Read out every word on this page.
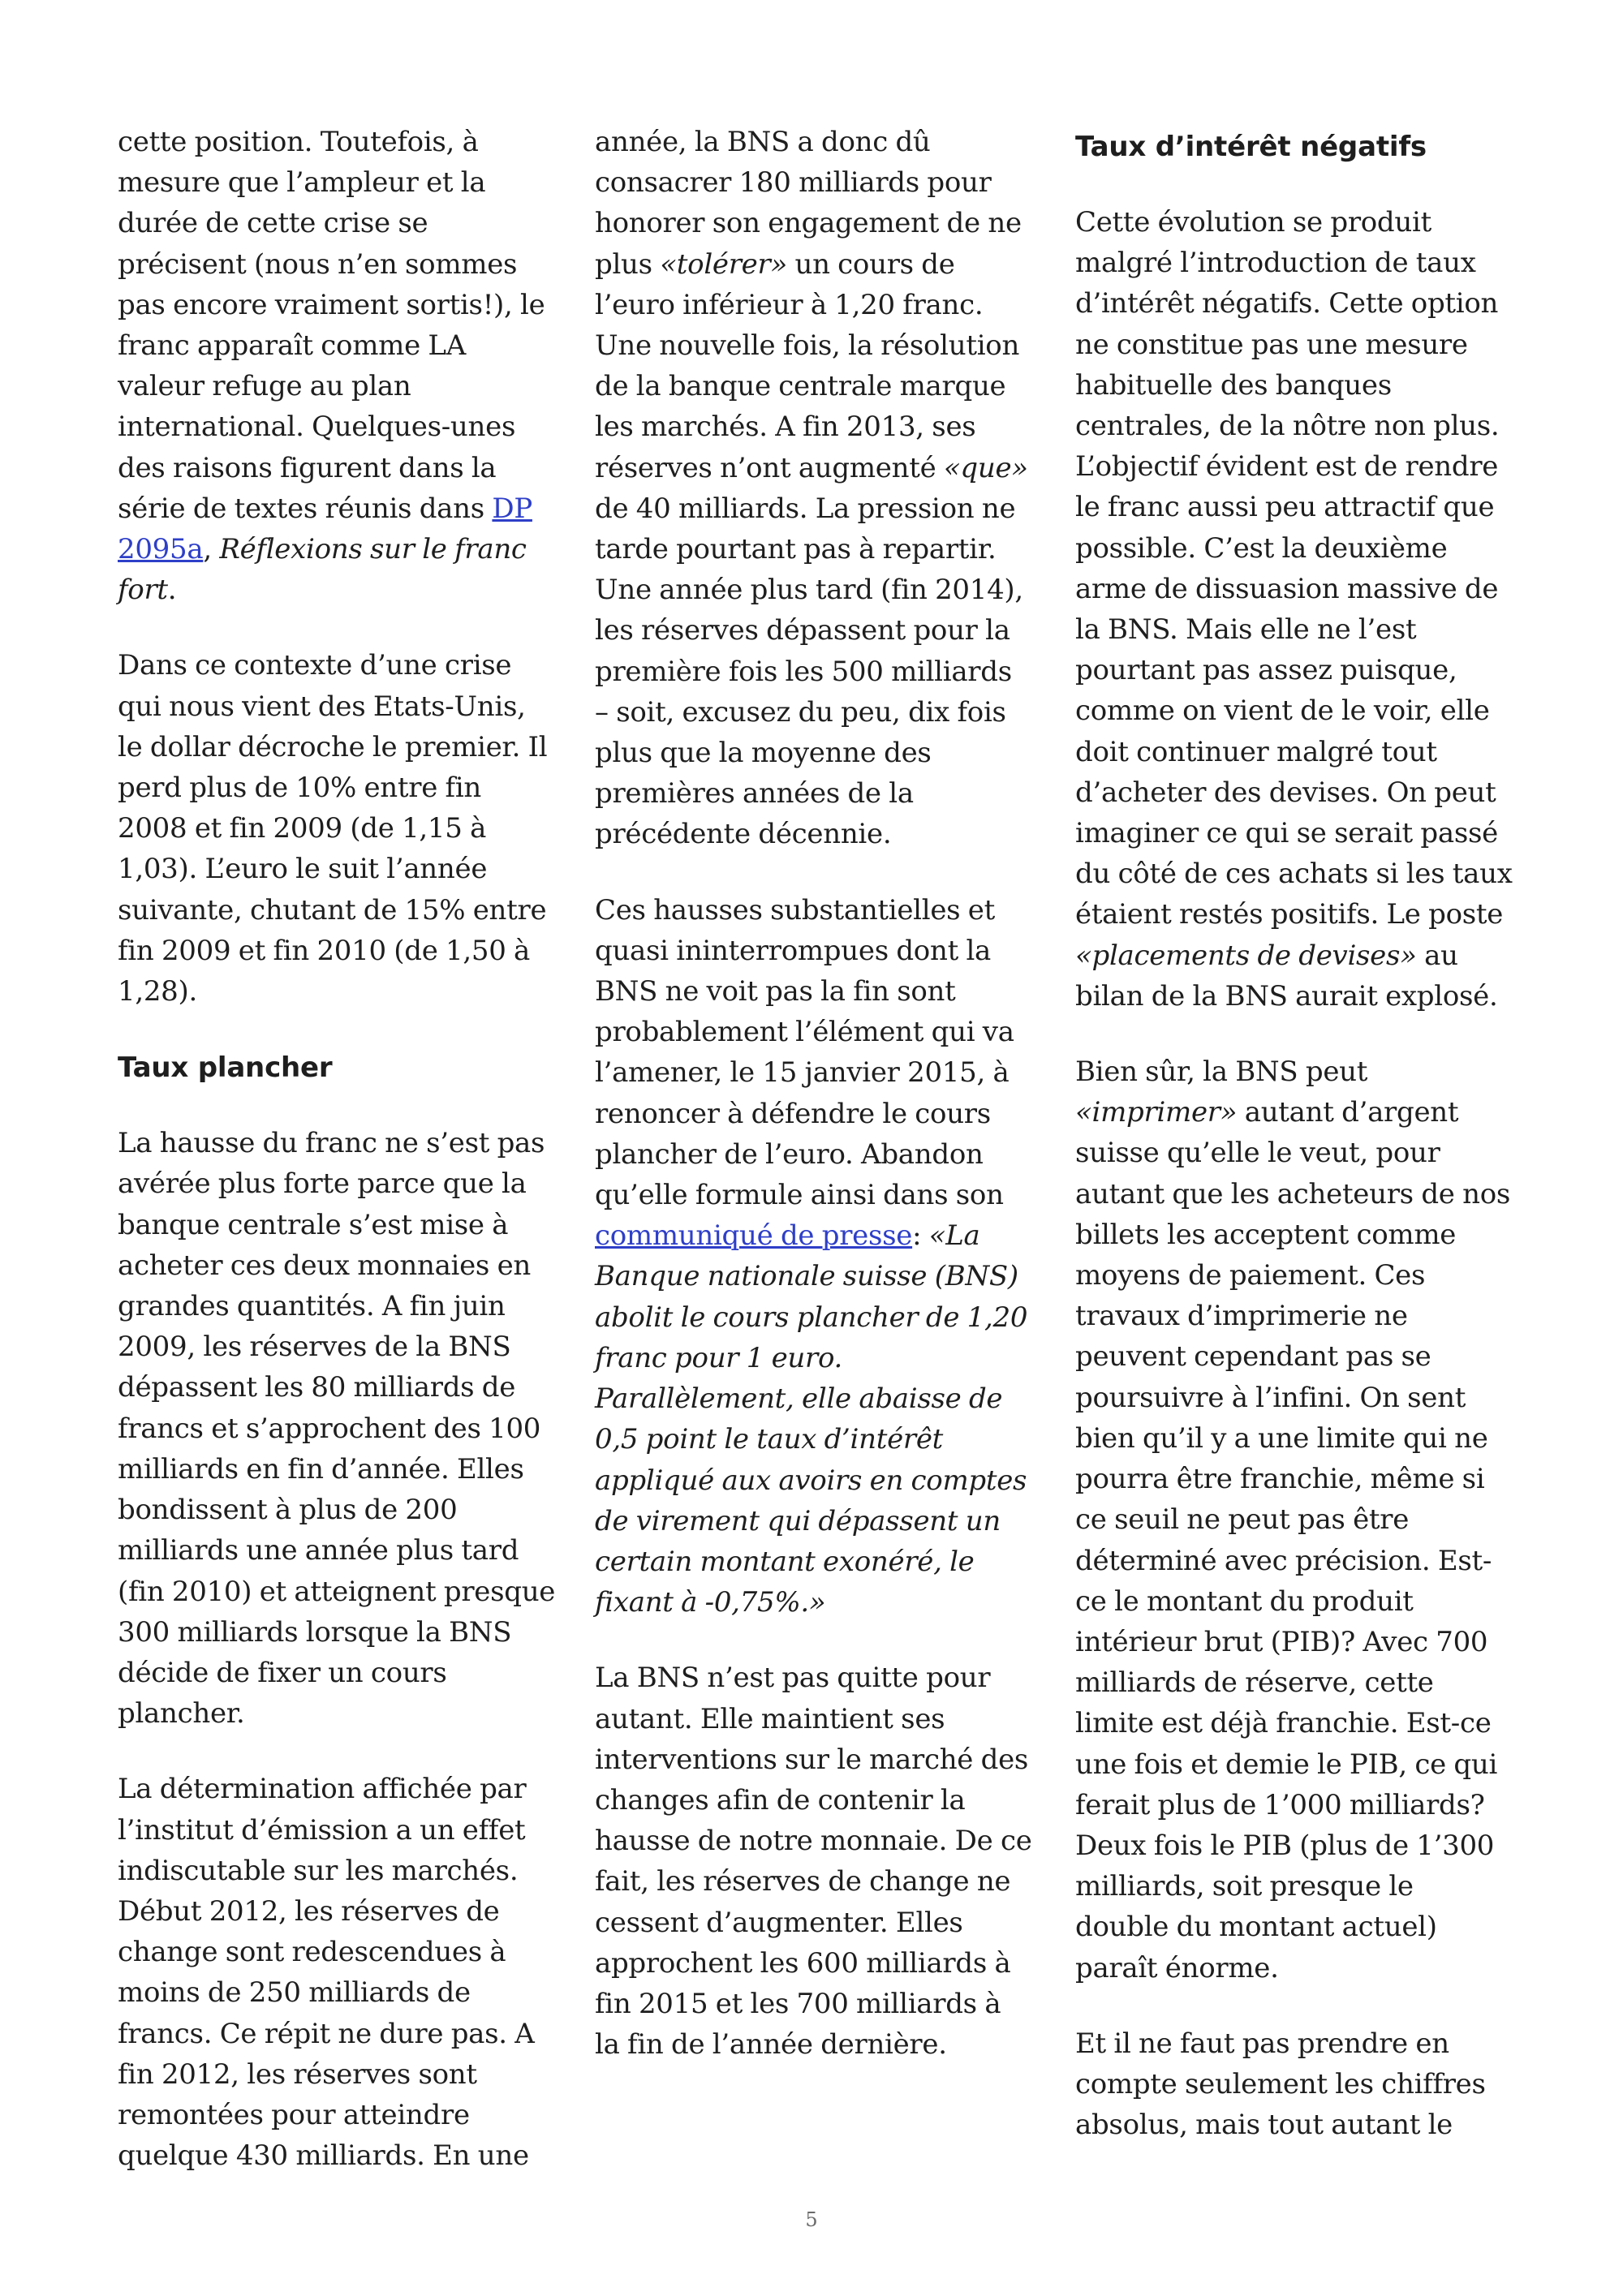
cette position. Toutefois, à mesure que l’ampleur et la durée de cette crise se précisent (nous n’en sommes pas encore vraiment sortis!), le franc apparaît comme LA valeur refuge au plan international. Quelques-unes des raisons figurent dans la série de textes réunis dans DP 2095a, Réflexions sur le franc fort.

Dans ce contexte d’une crise qui nous vient des Etats-Unis, le dollar décroche le premier. Il perd plus de 10% entre fin 2008 et fin 2009 (de 1,15 à 1,03). L’euro le suit l’année suivante, chutant de 15% entre fin 2009 et fin 2010 (de 1,50 à 1,28).

Taux plancher

La hausse du franc ne s’est pas avérée plus forte parce que la banque centrale s’est mise à acheter ces deux monnaies en grandes quantités. A fin juin 2009, les réserves de la BNS dépassent les 80 milliards de francs et s’approchent des 100 milliards en fin d’année. Elles bondissent à plus de 200 milliards une année plus tard (fin 2010) et atteignent presque 300 milliards lorsque la BNS décide de fixer un cours plancher.

La détermination affichée par l’institut d’émission a un effet indiscutable sur les marchés. Début 2012, les réserves de change sont redescendues à moins de 250 milliards de francs. Ce répit ne dure pas. A fin 2012, les réserves sont remontées pour atteindre quelque 430 milliards. En une

année, la BNS a donc dû consacrer 180 milliards pour honorer son engagement de ne plus «tolérer» un cours de l’euro inférieur à 1,20 franc. Une nouvelle fois, la résolution de la banque centrale marque les marchés. A fin 2013, ses réserves n’ont augmenté «que» de 40 milliards. La pression ne tarde pourtant pas à repartir. Une année plus tard (fin 2014), les réserves dépassent pour la première fois les 500 milliards – soit, excusez du peu, dix fois plus que la moyenne des premières années de la précédente décennie.

Ces hausses substantielles et quasi ininterrompues dont la BNS ne voit pas la fin sont probablement l’élément qui va l’amener, le 15 janvier 2015, à renoncer à défendre le cours plancher de l’euro. Abandon qu’elle formule ainsi dans son communiqué de presse: «La Banque nationale suisse (BNS) abolit le cours plancher de 1,20 franc pour 1 euro. Parallèlement, elle abaisse de 0,5 point le taux d’intérêt appliqué aux avoirs en comptes de virement qui dépassent un certain montant exonéré, le fixant à -0,75%.»

La BNS n’est pas quitte pour autant. Elle maintient ses interventions sur le marché des changes afin de contenir la hausse de notre monnaie. De ce fait, les réserves de change ne cessent d’augmenter. Elles approchent les 600 milliards à fin 2015 et les 700 milliards à la fin de l’année dernière.

Taux d’intérêt négatifs

Cette évolution se produit malgré l’introduction de taux d’intérêt négatifs. Cette option ne constitue pas une mesure habituelle des banques centrales, de la nôtre non plus. L’objectif évident est de rendre le franc aussi peu attractif que possible. C’est la deuxième arme de dissuasion massive de la BNS. Mais elle ne l’est pourtant pas assez puisque, comme on vient de le voir, elle doit continuer malgré tout d’acheter des devises. On peut imaginer ce qui se serait passé du côté de ces achats si les taux étaient restés positifs. Le poste «placements de devises» au bilan de la BNS aurait explosé.

Bien sûr, la BNS peut «imprimer» autant d’argent suisse qu’elle le veut, pour autant que les acheteurs de nos billets les acceptent comme moyens de paiement. Ces travaux d’imprimerie ne peuvent cependant pas se poursuivre à l’infini. On sent bien qu’il y a une limite qui ne pourra être franchie, même si ce seuil ne peut pas être déterminé avec précision. Est-ce le montant du produit intérieur brut (PIB)? Avec 700 milliards de réserve, cette limite est déjà franchie. Est-ce une fois et demie le PIB, ce qui ferait plus de 1’000 milliards? Deux fois le PIB (plus de 1’300 milliards, soit presque le double du montant actuel) paraît énorme.

Et il ne faut pas prendre en compte seulement les chiffres absolus, mais tout autant le

5
